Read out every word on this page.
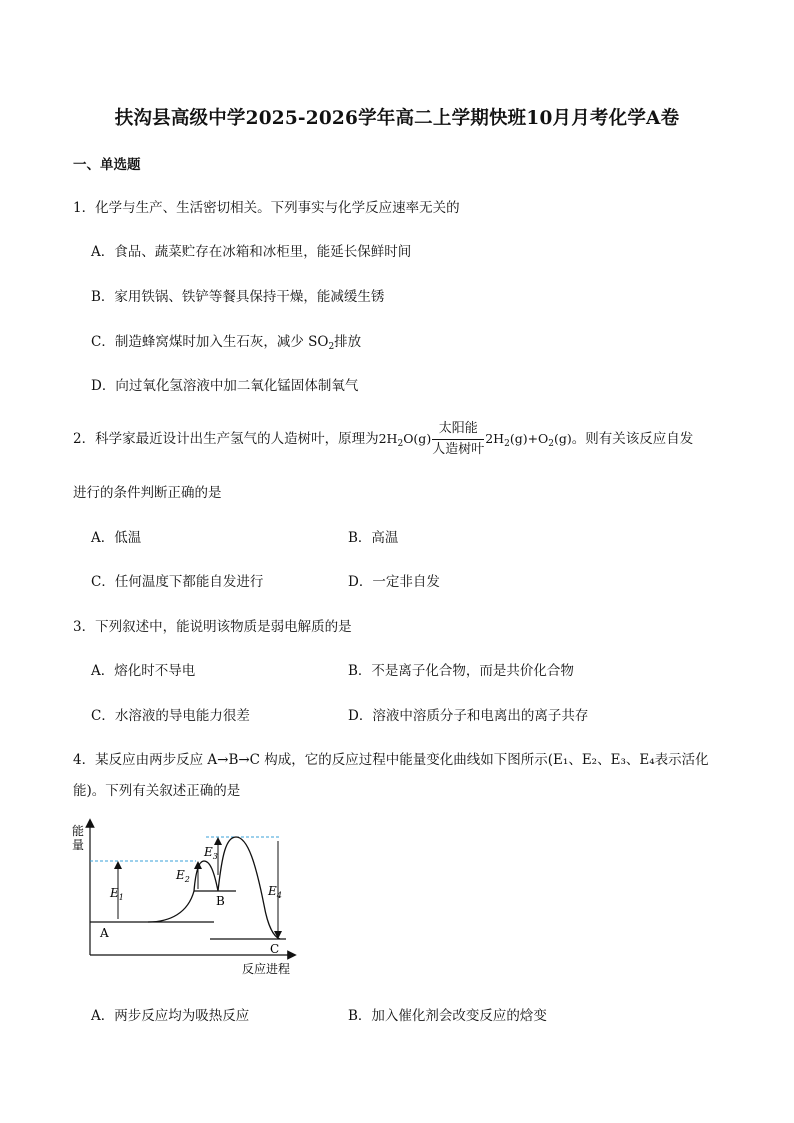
扶沟县高级中学2025-2026学年高二上学期快班10月月考化学A卷
一、单选题
1．化学与生产、生活密切相关。下列事实与化学反应速率无关的
A．食品、蔬菜贮存在冰箱和冰柜里，能延长保鲜时间
B．家用铁锅、铁铲等餐具保持干燥，能减缓生锈
C．制造蜂窝煤时加入生石灰，减少 $SO_2$排放
D．向过氧化氢溶液中加二氧化锰固体制氧气
2．科学家最近设计出生产氢气的人造树叶，原理为$2H_2O(g) \frac{\text{太阳能}}{\text{人造树叶}} 2H_2(g)+O_2(g)$。则有关该反应自发
进行的条件判断正确的是
A．低温	B．高温
C．任何温度下都能自发进行	D．一定非自发
3．下列叙述中，能说明该物质是弱电解质的是
A．熔化时不导电	B．不是离子化合物，而是共价化合物
C．水溶液的导电能力很差	D．溶液中溶质分子和电离出的离子共存
4．某反应由两步反应 A→B→C 构成，它的反应过程中能量变化曲线如下图所示(E₁、E₂、E₃、E₄表示活化
能)。下列有关叙述正确的是
能
量
反应进程
$E_1$
$E_2$
$E_3$
$E_4$
A
B
C
A．两步反应均为吸热反应	B．加入催化剂会改变反应的焓变
